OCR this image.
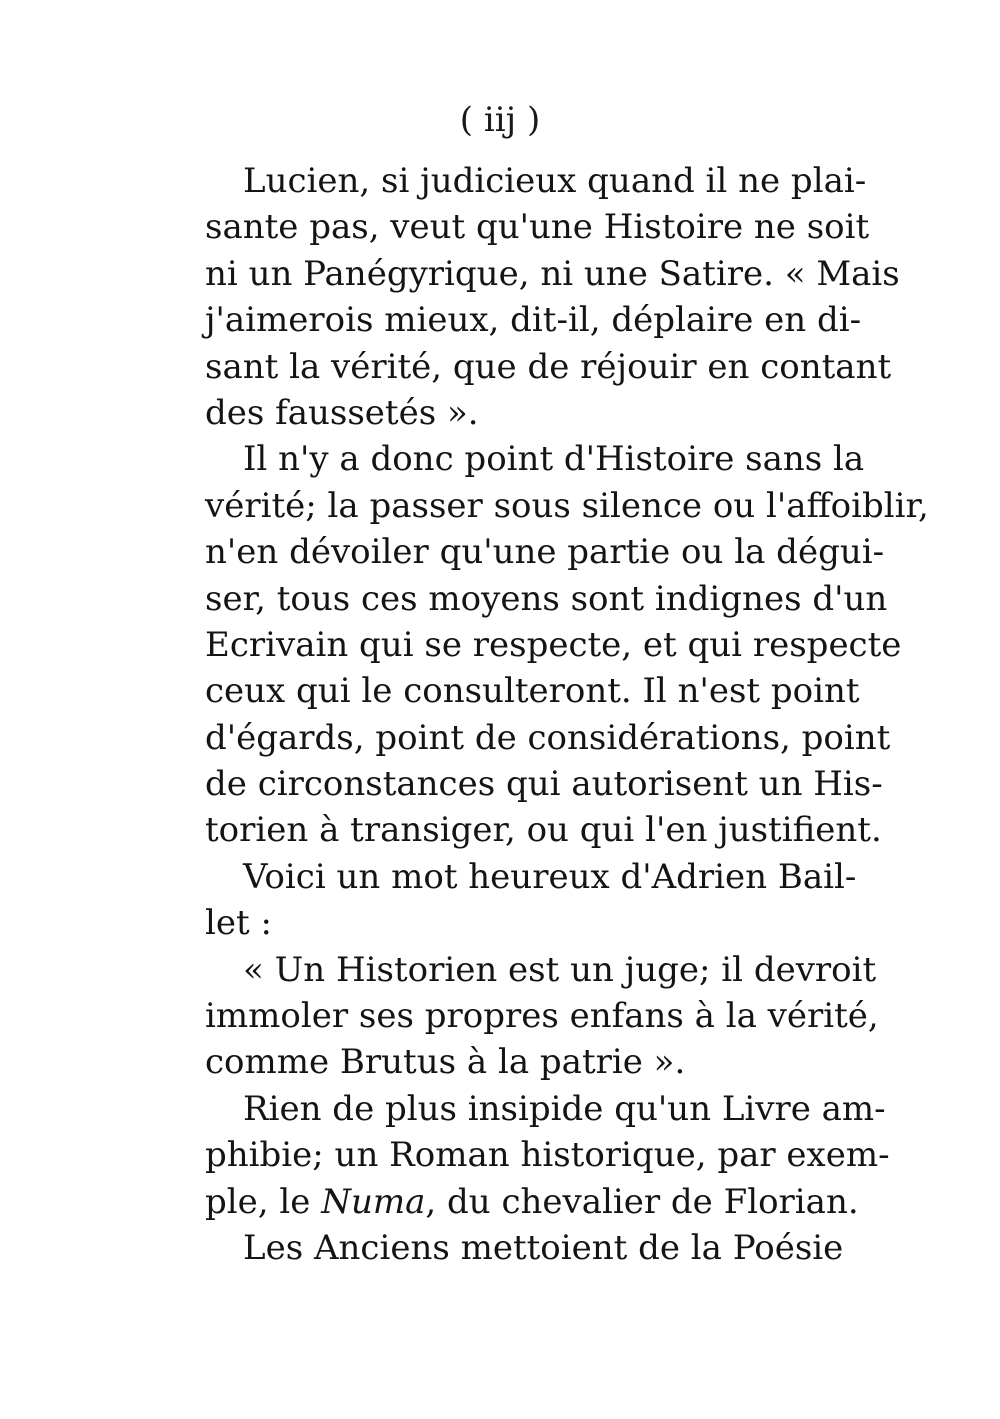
( iij )
Lucien, si judicieux quand il ne plai-
sante pas, veut qu'une Histoire ne soit
ni un Panégyrique, ni une Satire. « Mais
j'aimerois mieux, dit-il, déplaire en di-
sant la vérité, que de réjouir en contant
des faussetés ».
Il n'y a donc point d'Histoire sans la
vérité; la passer sous silence ou l'affoiblir,
n'en dévoiler qu'une partie ou la dégui-
ser, tous ces moyens sont indignes d'un
Ecrivain qui se respecte, et qui respecte
ceux qui le consulteront. Il n'est point
d'égards, point de considérations, point
de circonstances qui autorisent un His-
torien à transiger, ou qui l'en justifient.
Voici un mot heureux d'Adrien Bail-
let :
« Un Historien est un juge; il devroit
immoler ses propres enfans à la vérité,
comme Brutus à la patrie ».
Rien de plus insipide qu'un Livre am-
phibie; un Roman historique, par exem-
ple, le Numa, du chevalier de Florian.
Les Anciens mettoient de la Poésie
